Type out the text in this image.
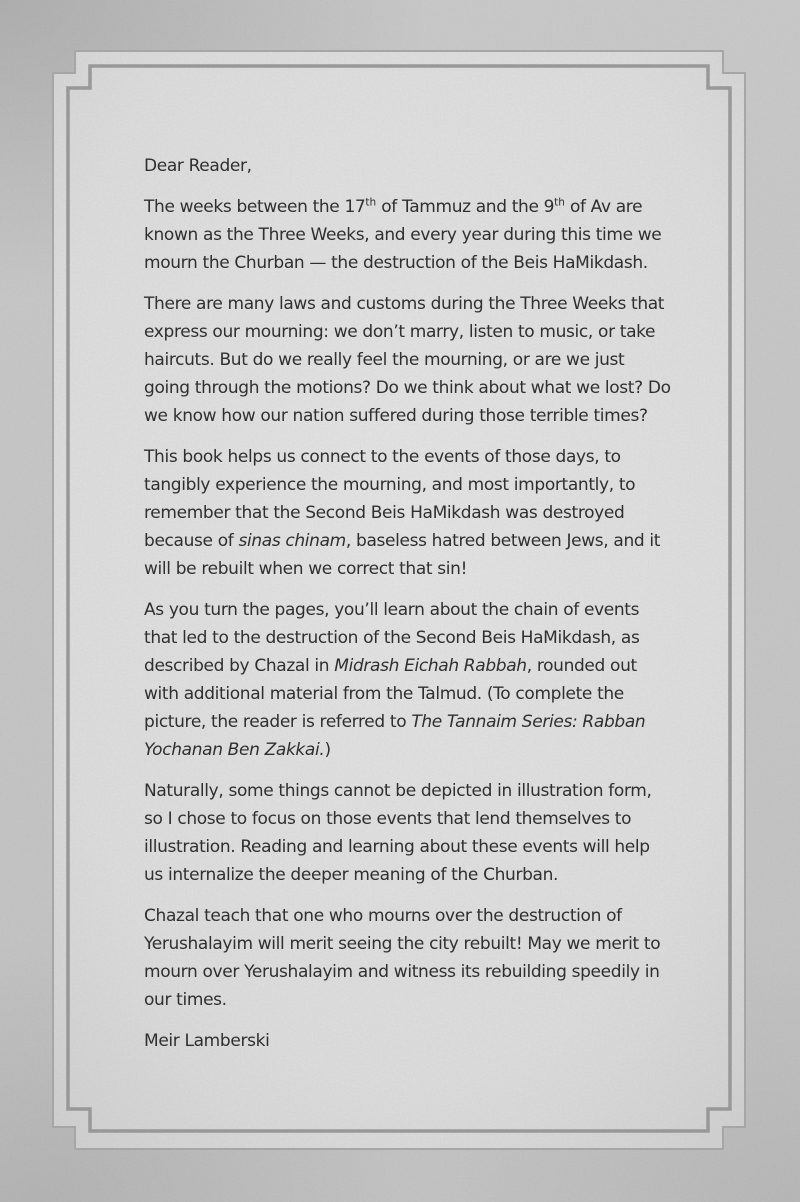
Dear Reader,

The weeks between the 17th of Tammuz and the 9th of Av are known as the Three Weeks, and every year during this time we mourn the Churban — the destruction of the Beis HaMikdash.

There are many laws and customs during the Three Weeks that express our mourning: we don’t marry, listen to music, or take haircuts. But do we really feel the mourning, or are we just going through the motions? Do we think about what we lost? Do we know how our nation suffered during those terrible times?

This book helps us connect to the events of those days, to tangibly experience the mourning, and most importantly, to remember that the Second Beis HaMikdash was destroyed because of sinas chinam, baseless hatred between Jews, and it will be rebuilt when we correct that sin!

As you turn the pages, you’ll learn about the chain of events that led to the destruction of the Second Beis HaMikdash, as described by Chazal in Midrash Eichah Rabbah, rounded out with additional material from the Talmud. (To complete the picture, the reader is referred to The Tannaim Series: Rabban Yochanan Ben Zakkai.)

Naturally, some things cannot be depicted in illustration form, so I chose to focus on those events that lend themselves to illustration. Reading and learning about these events will help us internalize the deeper meaning of the Churban.

Chazal teach that one who mourns over the destruction of Yerushalayim will merit seeing the city rebuilt! May we merit to mourn over Yerushalayim and witness its rebuilding speedily in our times.

Meir Lamberski
